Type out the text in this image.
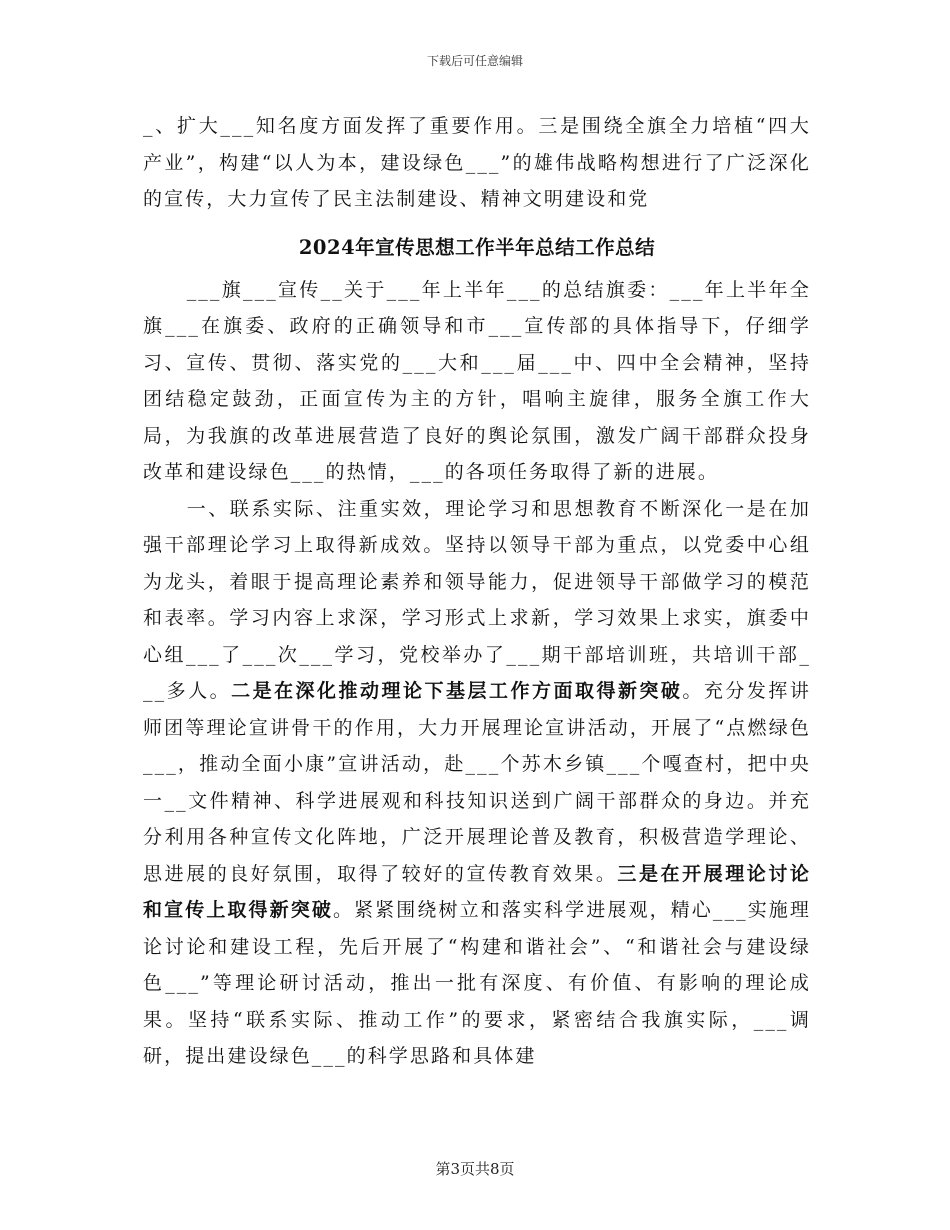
下载后可任意编辑

_、扩大___知名度方面发挥了重要作用。三是围绕全旗全力培植“四大产业”，构建“以人为本，建设绿色___”的雄伟战略构想进行了广泛深化的宣传，大力宣传了民主法制建设、精神文明建设和党

2024年宣传思想工作半年总结工作总结

___旗___宣传__关于___年上半年___的总结旗委：___年上半年全旗___在旗委、政府的正确领导和市___宣传部的具体指导下，仔细学习、宣传、贯彻、落实党的___大和___届___中、四中全会精神，坚持团结稳定鼓劲，正面宣传为主的方针，唱响主旋律，服务全旗工作大局，为我旗的改革进展营造了良好的舆论氛围，激发广阔干部群众投身改革和建设绿色___的热情，___的各项任务取得了新的进展。

一、联系实际、注重实效，理论学习和思想教育不断深化一是在加强干部理论学习上取得新成效。坚持以领导干部为重点，以党委中心组为龙头，着眼于提高理论素养和领导能力，促进领导干部做学习的模范和表率。学习内容上求深，学习形式上求新，学习效果上求实，旗委中心组___了___次___学习，党校举办了___期干部培训班，共培训干部___多人。二是在深化推动理论下基层工作方面取得新突破。充分发挥讲师团等理论宣讲骨干的作用，大力开展理论宣讲活动，开展了“点燃绿色___，推动全面小康”宣讲活动，赴___个苏木乡镇___个嘎查村，把中央一__文件精神、科学进展观和科技知识送到广阔干部群众的身边。并充分利用各种宣传文化阵地，广泛开展理论普及教育，积极营造学理论、思进展的良好氛围，取得了较好的宣传教育效果。三是在开展理论讨论和宣传上取得新突破。紧紧围绕树立和落实科学进展观，精心___实施理论讨论和建设工程，先后开展了“构建和谐社会”、“和谐社会与建设绿色___”等理论研讨活动，推出一批有深度、有价值、有影响的理论成果。坚持“联系实际、推动工作”的要求，紧密结合我旗实际，___调研，提出建设绿色___的科学思路和具体建

第3页共8页
